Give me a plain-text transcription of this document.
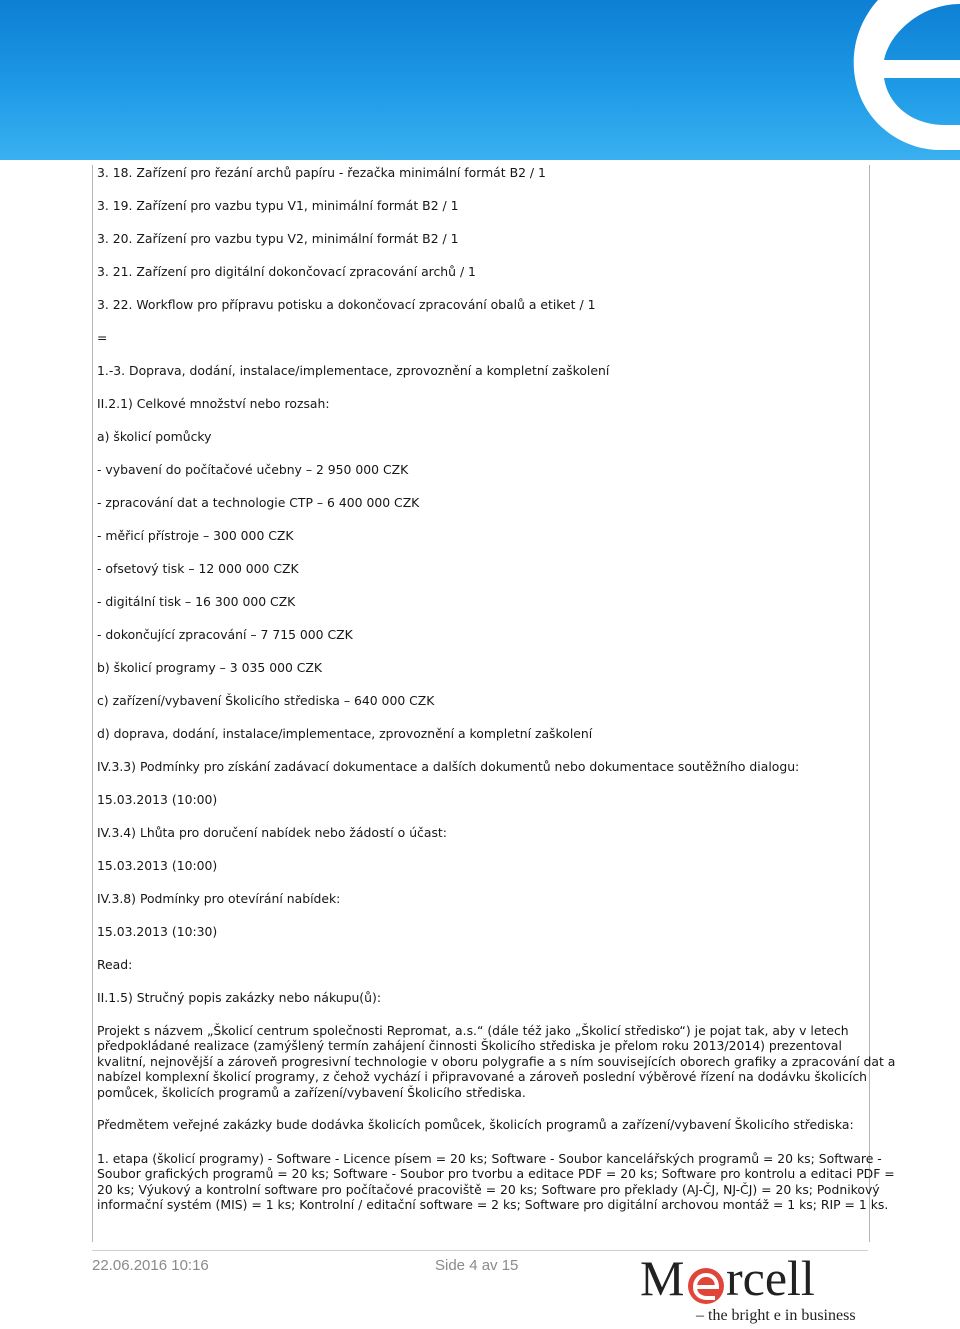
3. 18. Zařízení pro řezání archů papíru - řezačka minimální formát B2 / 1
3. 19. Zařízení pro vazbu typu V1, minimální formát B2 / 1
3. 20. Zařízení pro vazbu typu V2, minimální formát B2 / 1
3. 21. Zařízení pro digitální dokončovací zpracování archů / 1
3. 22. Workflow pro přípravu potisku a dokončovací zpracování obalů a etiket / 1
=
1.-3. Doprava, dodání, instalace/implementace, zprovoznění a kompletní zaškolení
II.2.1) Celkové množství nebo rozsah:
a) školicí pomůcky
- vybavení do počítačové učebny – 2 950 000 CZK
- zpracování dat a technologie CTP – 6 400 000 CZK
- měřicí přístroje – 300 000 CZK
- ofsetový tisk – 12 000 000 CZK
- digitální tisk – 16 300 000 CZK
- dokončující zpracování – 7 715 000 CZK
b) školicí programy – 3 035 000 CZK
c) zařízení/vybavení Školicího střediska – 640 000 CZK
d) doprava, dodání, instalace/implementace, zprovoznění a kompletní zaškolení
IV.3.3) Podmínky pro získání zadávací dokumentace a dalších dokumentů nebo dokumentace soutěžního dialogu:
15.03.2013 (10:00)
IV.3.4) Lhůta pro doručení nabídek nebo žádostí o účast:
15.03.2013 (10:00)
IV.3.8) Podmínky pro otevírání nabídek:
15.03.2013 (10:30)
Read:
II.1.5) Stručný popis zakázky nebo nákupu(ů):
Projekt s názvem „Školicí centrum společnosti Repromat, a.s.“ (dále též jako „Školicí středisko“) je pojat tak, aby v letech
předpokládané realizace (zamýšlený termín zahájení činnosti Školicího střediska je přelom roku 2013/2014) prezentoval
kvalitní, nejnovější a zároveň progresivní technologie v oboru polygrafie a s ním souvisejících oborech grafiky a zpracování dat a
nabízel komplexní školicí programy, z čehož vychází i připravované a zároveň poslední výběrové řízení na dodávku školicích
pomůcek, školicích programů a zařízení/vybavení Školicího střediska.
Předmětem veřejné zakázky bude dodávka školicích pomůcek, školicích programů a zařízení/vybavení Školicího střediska:
1. etapa (školicí programy) - Software - Licence písem = 20 ks; Software - Soubor kancelářských programů = 20 ks; Software -
Soubor grafických programů = 20 ks; Software - Soubor pro tvorbu a editace PDF = 20 ks; Software pro kontrolu a editaci PDF =
20 ks; Výukový a kontrolní software pro počítačové pracoviště = 20 ks; Software pro překlady (AJ-ČJ, NJ-ČJ) = 20 ks; Podnikový
informační systém (MIS) = 1 ks; Kontrolní / editační software = 2 ks; Software pro digitální archovou montáž = 1 ks; RIP = 1 ks.
22.06.2016 10:16	Side 4 av 15 M rcell
– the bright e in business
